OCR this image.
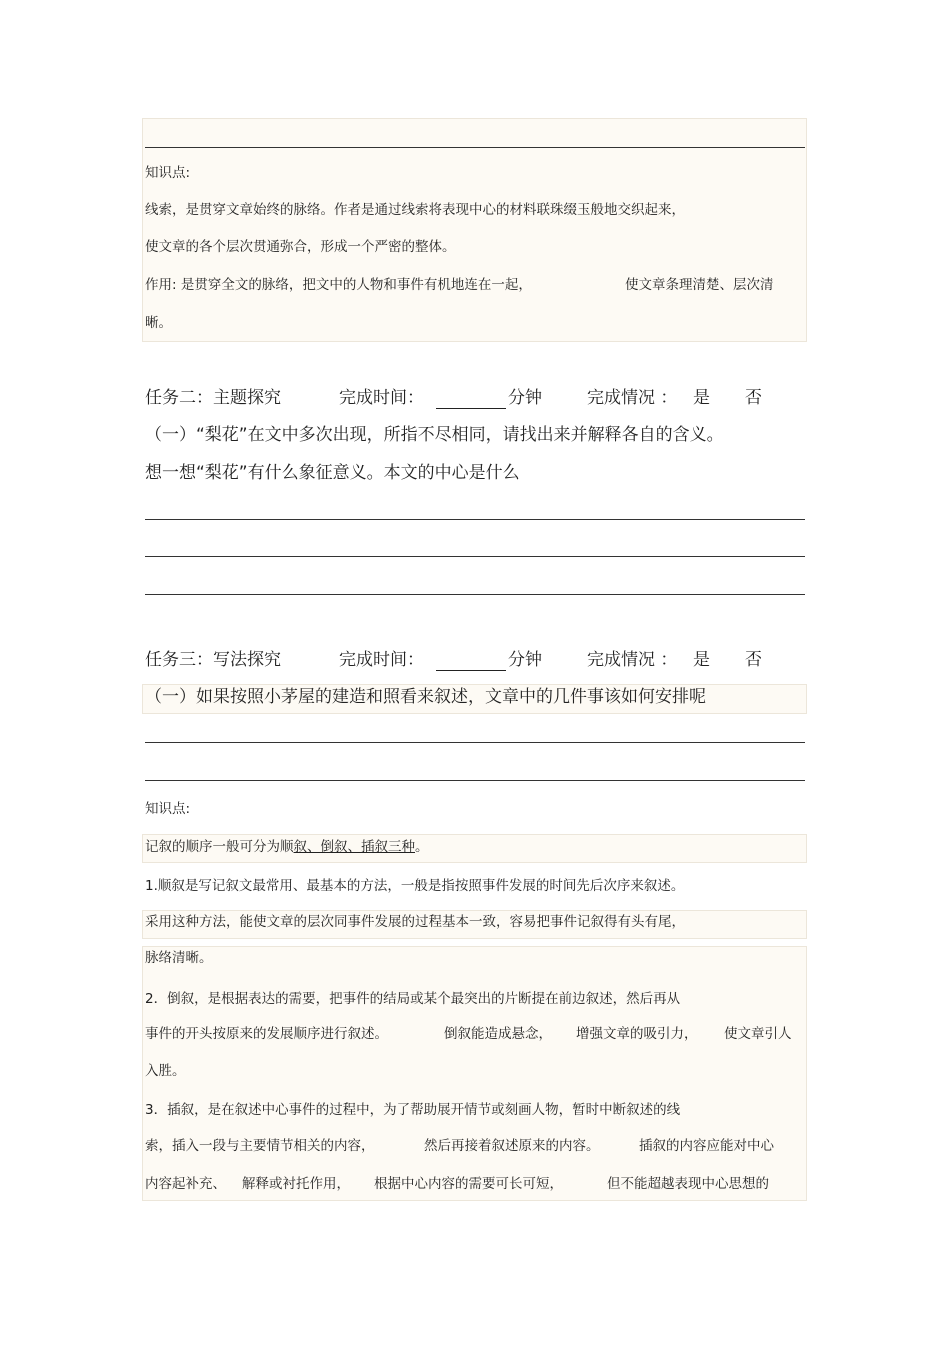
知识点:
线索，是贯穿文章始终的脉络。作者是通过线索将表现中心的材料联珠缀玉般地交织起来，
使文章的各个层次贯通弥合，形成一个严密的整体。
作用: 是贯穿全文的脉络，把文中的人物和事件有机地连在一起，	使文章条理清楚、层次清
晰。
任务二：主题探究	完成时间：	分钟	完成情况 ： 是 否
（一）“梨花”在文中多次出现，所指不尽相同，请找出来并解释各自的含义。
想一想“梨花”有什么象征意义。本文的中心是什么
任务三：写法探究	完成时间：	分钟	完成情况 ： 是 否
（一）如果按照小茅屋的建造和照看来叙述，文章中的几件事该如何安排呢
知识点:
记叙的顺序一般可分为顺叙、倒叙、插叙三种。
1.顺叙是写记叙文最常用、最基本的方法，一般是指按照事件发展的时间先后次序来叙述。
采用这种方法，能使文章的层次同事件发展的过程基本一致，容易把事件记叙得有头有尾，
脉络清晰。
2．倒叙，是根据表达的需要，把事件的结局或某个最突出的片断提在前边叙述，然后再从
事件的开头按原来的发展顺序进行叙述。	倒叙能造成悬念， 增强文章的吸引力， 使文章引人
入胜。
3．插叙，是在叙述中心事件的过程中，为了帮助展开情节或刻画人物，暂时中断叙述的线
索，插入一段与主要情节相关的内容，	然后再接着叙述原来的内容。	插叙的内容应能对中心
内容起补充、 解释或衬托作用， 根据中心内容的需要可长可短，	但不能超越表现中心思想的
